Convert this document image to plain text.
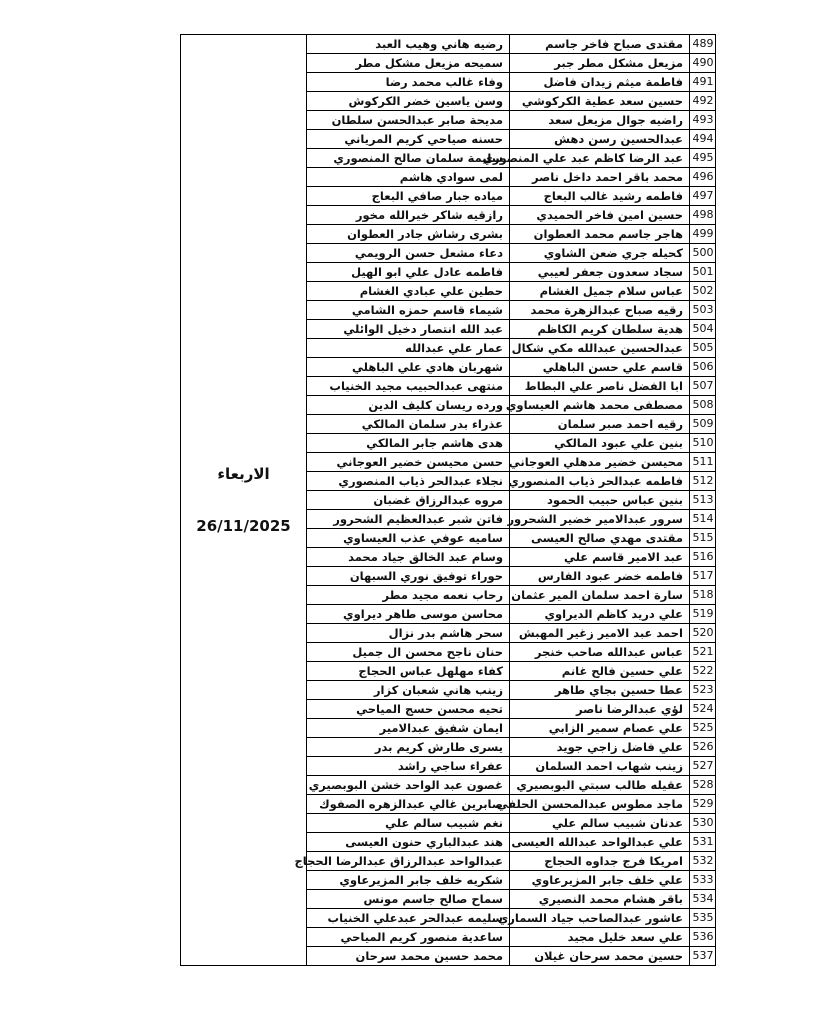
الاربعاء
26/11/2025	رضيه هاني وهيب العبد	مقتدى صباح فاخر جاسم	489
	سميحه مزيعل مشكل مطر	مزيعل مشكل مطر جبر	490
	وفاء غالب محمد رضا	فاطمة ميثم زيدان فاضل	491
	وسن ياسين خضر الكركوش	حسين سعد عطية الكركوشي	492
	مديحة صابر عبدالحسن سلطان	راضيه جوال مزيعل سعد	493
	حسنه صياحي كريم المرياني	عبدالحسين رسن دهش	494
	سليمة سلمان صالح المنصوري	عبد الرضا كاظم عبد علي المنصوري	495
	لمى سوادي هاشم	محمد باقر احمد داخل ناصر	496
	مياده جبار صافي البعاج	فاطمه رشيد غالب البعاج	497
	رازقيه شاكر خيرالله مخور	حسين امين فاخر الحميدي	498
	بشرى رشاش جادر العطوان	هاجر جاسم محمد العطوان	499
	دعاء مشعل حسن الرويمي	كحيله جري ضعن الشاوي	500
	فاطمه عادل علي ابو الهيل	سجاد سعدون جعفر لعيبي	501
	حطين علي عبادي الغشام	عباس سلام جميل الغشام	502
	شيماء قاسم حمزه الشامي	رقيه صباح عبدالزهرة محمد	503
	عبد الله انتصار دخيل الوائلي	هدية سلطان كريم الكاظم	504
	عمار علي عبدالله	عبدالحسين عبدالله مكي شكال	505
	شهربان هادي علي الباهلي	قاسم علي حسن الباهلي	506
	منتهى عبدالحبيب مجيد الخنياب	ابا الفضل ناصر علي البطاط	507
	ورده ريسان كليف الدين	مصطفى محمد هاشم العيساوي	508
	عذراء بدر سلمان المالكي	رقيه احمد صبر سلمان	509
	هدى هاشم جابر المالكي	بنين علي عبود المالكي	510
	حسن محيسن خضير العوجاني	محيسن خضير مدهلي العوجاني	511
	نجلاء عبدالحر ذياب المنصوري	فاطمه عبدالحر ذياب المنصوري	512
	مروه عبدالرزاق غضبان	بنين عباس حبيب الحمود	513
	فاتن شبر عبدالعظيم الشحرور	سرور عبدالامير خضير الشحرور	514
	ساميه عوفي عذب العيساوي	مقتدى مهدي صالح العيسى	515
	وسام عبد الخالق جياد محمد	عبد الامير قاسم علي	516
	حوراء توفيق نوري السبهان	فاطمه خضر عبود الفارس	517
	رحاب نعمه مجيد مطر	سارة احمد سلمان المير عثمان	518
	محاسن موسى طاهر ديراوي	علي دريد كاظم الديراوي	519
	سحر هاشم بدر نزال	احمد عبد الامير زغير المهبش	520
	حنان ناجح محسن ال جميل	عباس عبدالله صاحب خنجر	521
	كفاء مهلهل عباس الحجاج	علي حسين فالح غانم	522
	زينب هاني شعبان كزار	عطا حسين بجاي طاهر	523
	تحيه محسن حسج المياحي	لؤي عبدالرضا ناصر	524
	ايمان شفيق عبدالامير	علي عصام سمير الزابي	525
	يسرى طارش كريم بدر	علي فاضل زاجي جويد	526
	عفراء ساجي راشد	زينب شهاب احمد السلمان	527
	غصون عبد الواحد خشن البوبصيري	عقيله طالب سبتي البوبصيري	528
	صابرين غالي عبدالزهره الصفوك	ماجد مطوس عبدالمحسن الحلفي	529
	نغم شبيب سالم علي	عدنان شبيب سالم علي	530
	هند عبدالباري حنون العيسى	علي عبدالواحد عبدالله العيسى	531
	عبدالواحد عبدالرزاق عبدالرضا الحجاج	امريكا فرج جداوه الحجاج	532
	شكريه خلف جابر المزيرعاوي	علي خلف جابر المزيرعاوي	533
	سماح صالح جاسم مونس	باقر هشام محمد النصيري	534
	سليمه عبدالحر عبدعلي الخنياب	عاشور عبدالصاحب جياد السماري	535
	ساعدية منصور كريم المياحي	علي سعد خليل مجيد	536
	محمد حسين محمد سرحان	حسين محمد سرحان غيلان	537
